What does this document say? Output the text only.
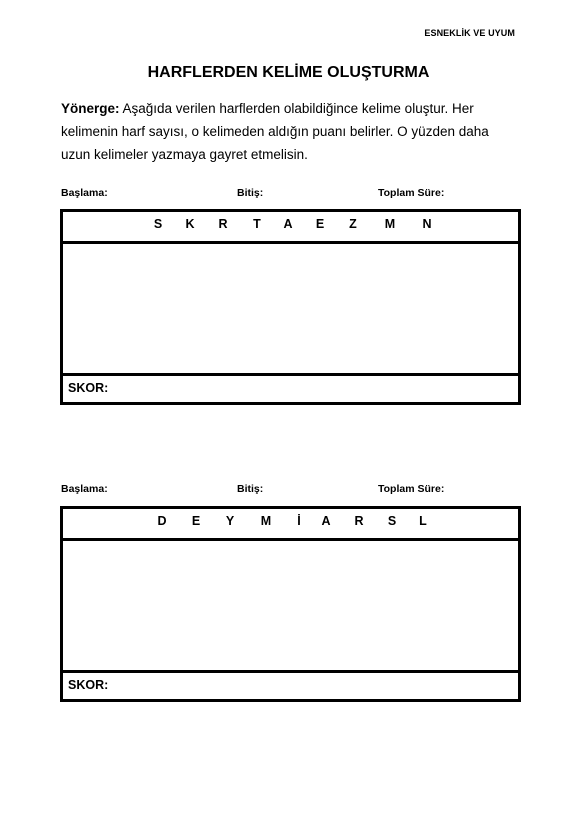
ESNEKLİK VE UYUM
HARFLERDEN KELİME OLUŞTURMA
Yönerge: Aşağıda verilen harflerden olabildiğince kelime oluştur. Her kelimenin harf sayısı, o kelimeden aldığın puanı belirler. O yüzden daha uzun kelimeler yazmaya gayret etmelisin.
Başlama:	Bitiş:	Toplam Süre:
S	K	R	T	A	E	Z	M	N
SKOR:
Başlama:	Bitiş:	Toplam Süre:
D	E	Y	M	İ	A	R	S	L
SKOR:
